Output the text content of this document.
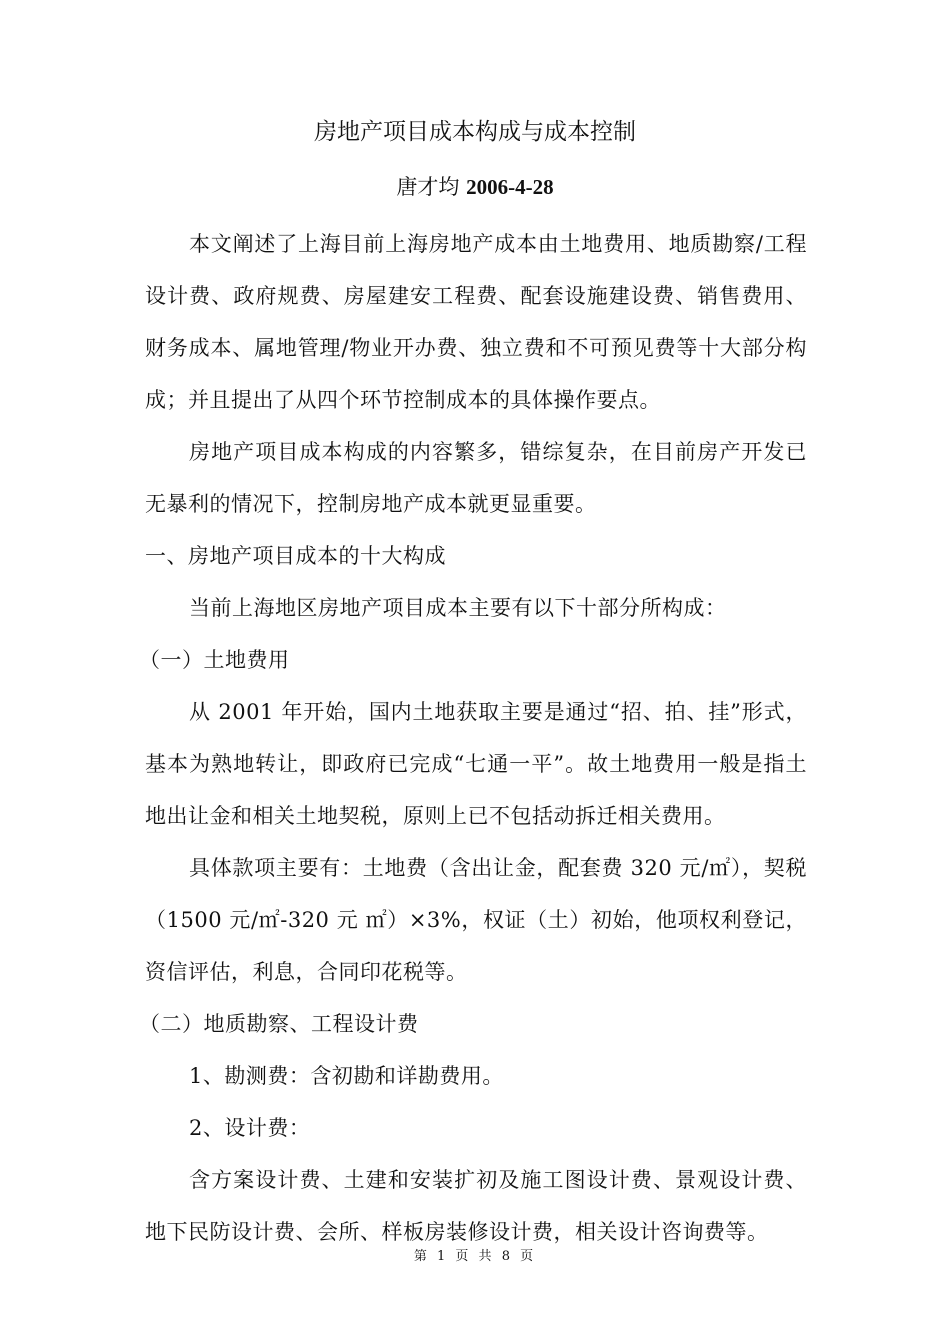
房地产项目成本构成与成本控制
唐才均 2006-4-28

本文阐述了上海目前上海房地产成本由土地费用、地质勘察/工程设计费、政府规费、房屋建安工程费、配套设施建设费、销售费用、财务成本、属地管理/物业开办费、独立费和不可预见费等十大部分构成；并且提出了从四个环节控制成本的具体操作要点。

房地产项目成本构成的内容繁多，错综复杂，在目前房产开发已无暴利的情况下，控制房地产成本就更显重要。

一、房地产项目成本的十大构成

当前上海地区房地产项目成本主要有以下十部分所构成：

（一）土地费用

从 2001 年开始，国内土地获取主要是通过“招、拍、挂”形式，基本为熟地转让，即政府已完成“七通一平”。故土地费用一般是指土地出让金和相关土地契税，原则上已不包括动拆迁相关费用。

具体款项主要有：土地费（含出让金，配套费 320 元/㎡），契税（1500 元/㎡-320 元 ㎡）×3%，权证（土）初始，他项权利登记，资信评估，利息，合同印花税等。

（二）地质勘察、工程设计费

1、勘测费：含初勘和详勘费用。

2、设计费：

含方案设计费、土建和安装扩初及施工图设计费、景观设计费、地下民防设计费、会所、样板房装修设计费，相关设计咨询费等。

第 1 页 共 8 页
